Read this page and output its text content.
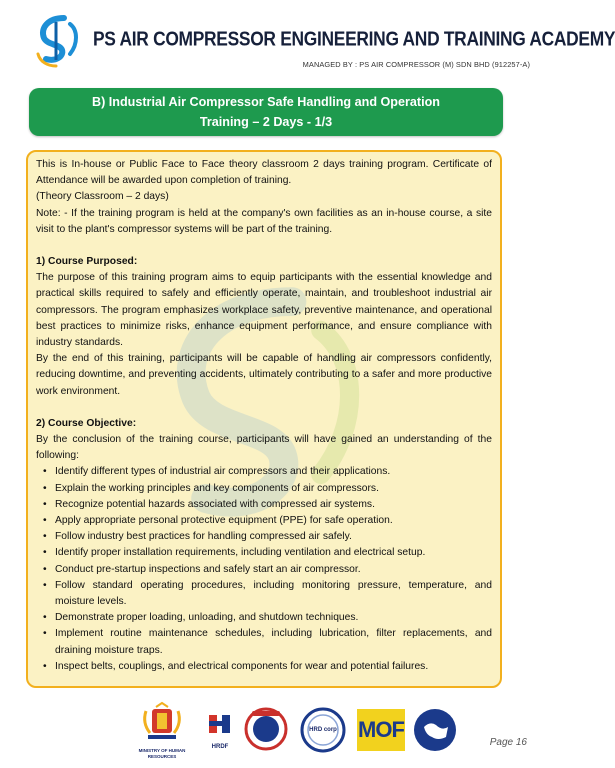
PS AIR COMPRESSOR ENGINEERING AND TRAINING ACADEMY
MANAGED BY : PS AIR COMPRESSOR (M) SDN BHD (912257-A)
B) Industrial Air Compressor Safe Handling and Operation
Training – 2 Days - 1/3

This is In-house or Public Face to Face theory classroom 2 days training program. Certificate of Attendance will be awarded upon completion of training.

(Theory Classroom – 2 days)

Note: - If the training program is held at the company's own facilities as an in-house course, a site visit to the plant's compressor systems will be part of the training.

1) Course Purposed:

The purpose of this training program aims to equip participants with the essential knowledge and practical skills required to safely and efficiently operate, maintain, and troubleshoot industrial air compressors. The program emphasizes workplace safety, preventive maintenance, and operational best practices to minimize risks, enhance equipment performance, and ensure compliance with industry standards.

By the end of this training, participants will be capable of handling air compressors confidently, reducing downtime, and preventing accidents, ultimately contributing to a safer and more productive work environment.

2) Course Objective:

By the conclusion of the training course, participants will have gained an understanding of the following:

• Identify different types of industrial air compressors and their applications.
• Explain the working principles and key components of air compressors.
• Recognize potential hazards associated with compressed air systems.
• Apply appropriate personal protective equipment (PPE) for safe operation.
• Follow industry best practices for handling compressed air safely.
• Identify proper installation requirements, including ventilation and electrical setup.
• Conduct pre-startup inspections and safely start an air compressor.
• Follow standard operating procedures, including monitoring pressure, temperature, and moisture levels.
• Demonstrate proper loading, unloading, and shutdown techniques.
• Implement routine maintenance schedules, including lubrication, filter replacements, and draining moisture traps.
• Inspect belts, couplings, and electrical components for wear and potential failures.
MINISTRY OF HUMAN RESOURCES
HRDF
HRD corp MOF
Page 16
